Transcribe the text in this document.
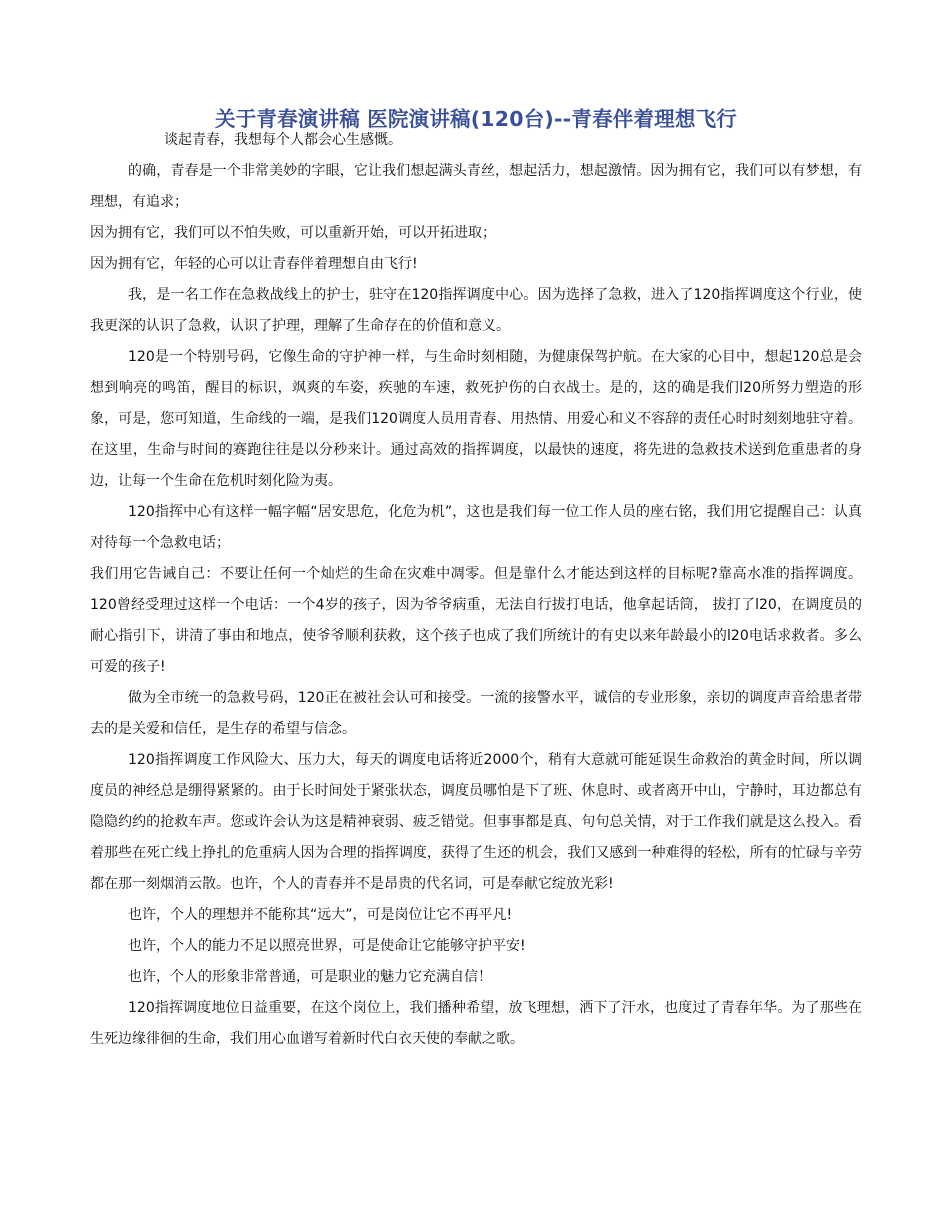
关于青春演讲稿 医院演讲稿(120台)--青春伴着理想飞行

谈起青春，我想每个人都会心生感慨。

的确，青春是一个非常美妙的字眼，它让我们想起满头青丝，想起活力，想起激情。因为拥有它，我们可以有梦想，有理想，有追求；

因为拥有它，我们可以不怕失败，可以重新开始，可以开拓进取；

因为拥有它，年轻的心可以让青春伴着理想自由飞行!

我，是一名工作在急救战线上的护士，驻守在120指挥调度中心。因为选择了急救，进入了120指挥调度这个行业，使我更深的认识了急救，认识了护理，理解了生命存在的价值和意义。

120是一个特别号码，它像生命的守护神一样，与生命时刻相随，为健康保驾护航。在大家的心目中，想起120总是会想到响亮的鸣笛，醒目的标识，飒爽的车姿，疾驰的车速，救死护伤的白衣战士。是的，这的确是我们l20所努力塑造的形象，可是，您可知道，生命线的一端，是我们120调度人员用青春、用热情、用爱心和义不容辞的责任心时时刻刻地驻守着。在这里，生命与时间的赛跑往往是以分秒来计。通过高效的指挥调度，以最快的速度，将先进的急救技术送到危重患者的身边，让每一个生命在危机时刻化险为夷。

120指挥中心有这样一幅字幅“居安思危，化危为机”，这也是我们每一位工作人员的座右铭，我们用它提醒自己：认真对待每一个急救电话；

我们用它告诫自己：不要让任何一个灿烂的生命在灾难中凋零。但是靠什么才能达到这样的目标呢?靠高水准的指挥调度。120曾经受理过这样一个电话：一个4岁的孩子，因为爷爷病重，无法自行拔打电话，他拿起话筒， 拔打了l20，在调度员的耐心指引下，讲清了事由和地点，使爷爷顺利获救，这个孩子也成了我们所统计的有史以来年龄最小的l20电话求救者。多么可爱的孩子!

做为全市统一的急救号码，120正在被社会认可和接受。一流的接警水平，诚信的专业形象，亲切的调度声音给患者带去的是关爱和信任，是生存的希望与信念。

120指挥调度工作风险大、压力大，每天的调度电话将近2000个，稍有大意就可能延误生命救治的黄金时间，所以调度员的神经总是绷得紧紧的。由于长时间处于紧张状态，调度员哪怕是下了班、休息时、或者离开中山，宁静时，耳边都总有隐隐约约的抢救车声。您或许会认为这是精神衰弱、疲乏错觉。但事事都是真、句句总关情，对于工作我们就是这么投入。看着那些在死亡线上挣扎的危重病人因为合理的指挥调度，获得了生还的机会，我们又感到一种难得的轻松，所有的忙碌与辛劳都在那一刻烟消云散。也许，个人的青春并不是昂贵的代名词，可是奉献它绽放光彩!

也许，个人的理想并不能称其“远大”，可是岗位让它不再平凡!

也许，个人的能力不足以照亮世界，可是使命让它能够守护平安!

也许，个人的形象非常普通，可是职业的魅力它充满自信！

120指挥调度地位日益重要，在这个岗位上，我们播种希望，放飞理想，洒下了汗水，也度过了青春年华。为了那些在生死边缘徘徊的生命，我们用心血谱写着新时代白衣天使的奉献之歌。
